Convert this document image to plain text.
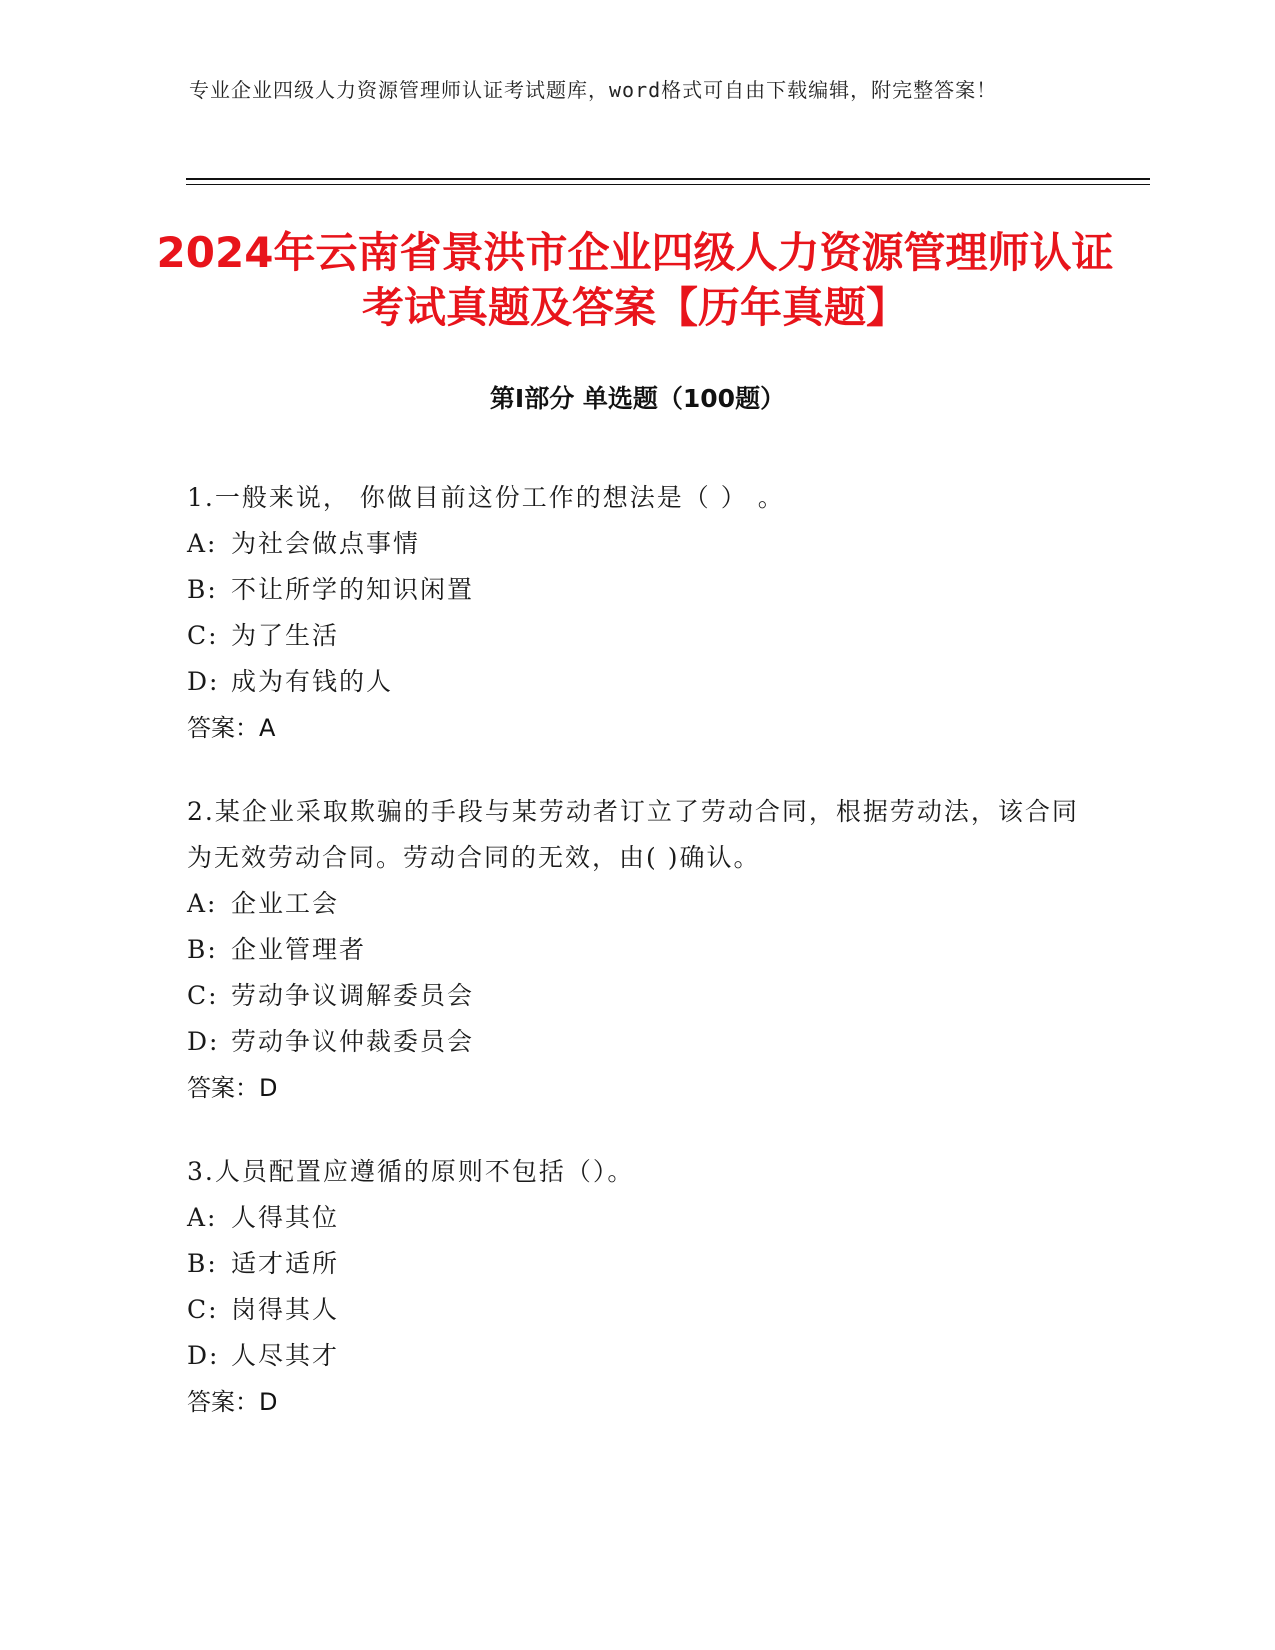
专业企业四级人力资源管理师认证考试题库，word格式可自由下载编辑，附完整答案！
2024年云南省景洪市企业四级人力资源管理师认证考试真题及答案【历年真题】
第I部分 单选题（100题）
1.一般来说， 你做目前这份工作的想法是（ ） 。
A: 为社会做点事情
B: 不让所学的知识闲置
C: 为了生活
D: 成为有钱的人
答案：A
2.某企业采取欺骗的手段与某劳动者订立了劳动合同，根据劳动法，该合同为无效劳动合同。劳动合同的无效，由( )确认。
A: 企业工会
B: 企业管理者
C: 劳动争议调解委员会
D: 劳动争议仲裁委员会
答案：D
3.人员配置应遵循的原则不包括（）。
A: 人得其位
B: 适才适所
C: 岗得其人
D: 人尽其才
答案：D
